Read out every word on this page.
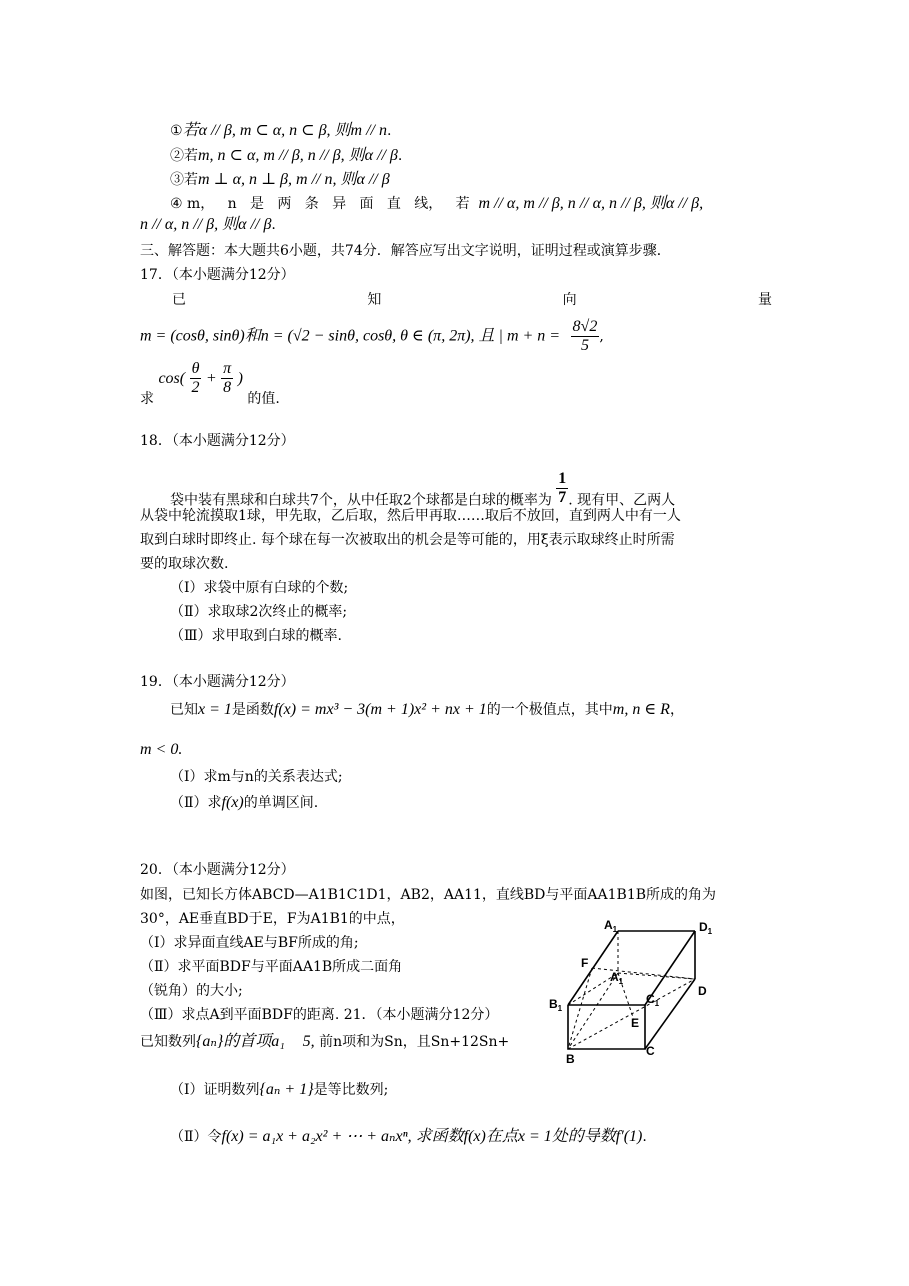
①若α // β, m ⊂ α, n ⊂ β, 则m // n.
②若m, n ⊂ α, m // β, n // β, 则α // β.
③若m ⊥ α, n ⊥ β, m // n, 则α // β
④ m， n 是 两 条 异 面 直 线， 若 m // α, m // β, n // α, n // β, 则α // β,
n // α, n // β, 则α // β.
三、解答题：本大题共6小题，共74分．解答应写出文字说明，证明过程或演算步骤．
17．（本小题满分12分）
已	知	向	量
m = (cosθ, sinθ)和n = (√2 − sinθ, cosθ, θ ∈ (π, 2π), 且 | $m + n = \frac{8√2}{5}$ ,
求 $\cos( \frac{\theta}{2} + \frac{\pi}{8}$ ) 的值.
18．（本小题满分12分）
袋中装有黑球和白球共7个，从中任取2个球都是白球的概率为 $\frac{1}{7}$ . 现有甲、乙两人
从袋中轮流摸取1球，甲先取，乙后取，然后甲再取……取后不放回，直到两人中有一人
取到白球时即终止. 每个球在每一次被取出的机会是等可能的，用ξ表示取球终止时所需
要的取球次数.
（Ⅰ）求袋中原有白球的个数;
（Ⅱ）求取球2次终止的概率;
（Ⅲ）求甲取到白球的概率.
19．（本小题满分12分）
已知x = 1是函数f(x) = mx³ − 3(m + 1)x² + nx + 1的一个极值点，其中m, n ∈ R，
m < 0.
（Ⅰ）求m与n的关系表达式;
（Ⅱ）求f(x)的单调区间.
20．（本小题满分12分）
如图，已知长方体ABCD—A1B1C1D1，AB2，AA11，直线BD与平面AA1B1B所成的角为
30°，AE垂直BD于E，F为A1B1的中点，
（Ⅰ）求异面直线AE与BF所成的角;
（Ⅱ）求平面BDF与平面AA1B所成二面角
（锐角）的大小;
（Ⅲ）求点A到平面BDF的距离. 21．（本小题满分12分）
已知数列{aₙ}的首项a₁ 5, 前n项和为Sn，且Sn+12Sn+
$A_1$	$D_1$
F
$A_1$
$B_1$
$C_1$
D
E
B
C
（Ⅰ）证明数列{aₙ + 1}是等比数列;
（Ⅱ）令f(x) = a₁x + a₂x² + ⋯ + aₙxⁿ, 求函数f(x)在点x = 1处的导数f′(1).
